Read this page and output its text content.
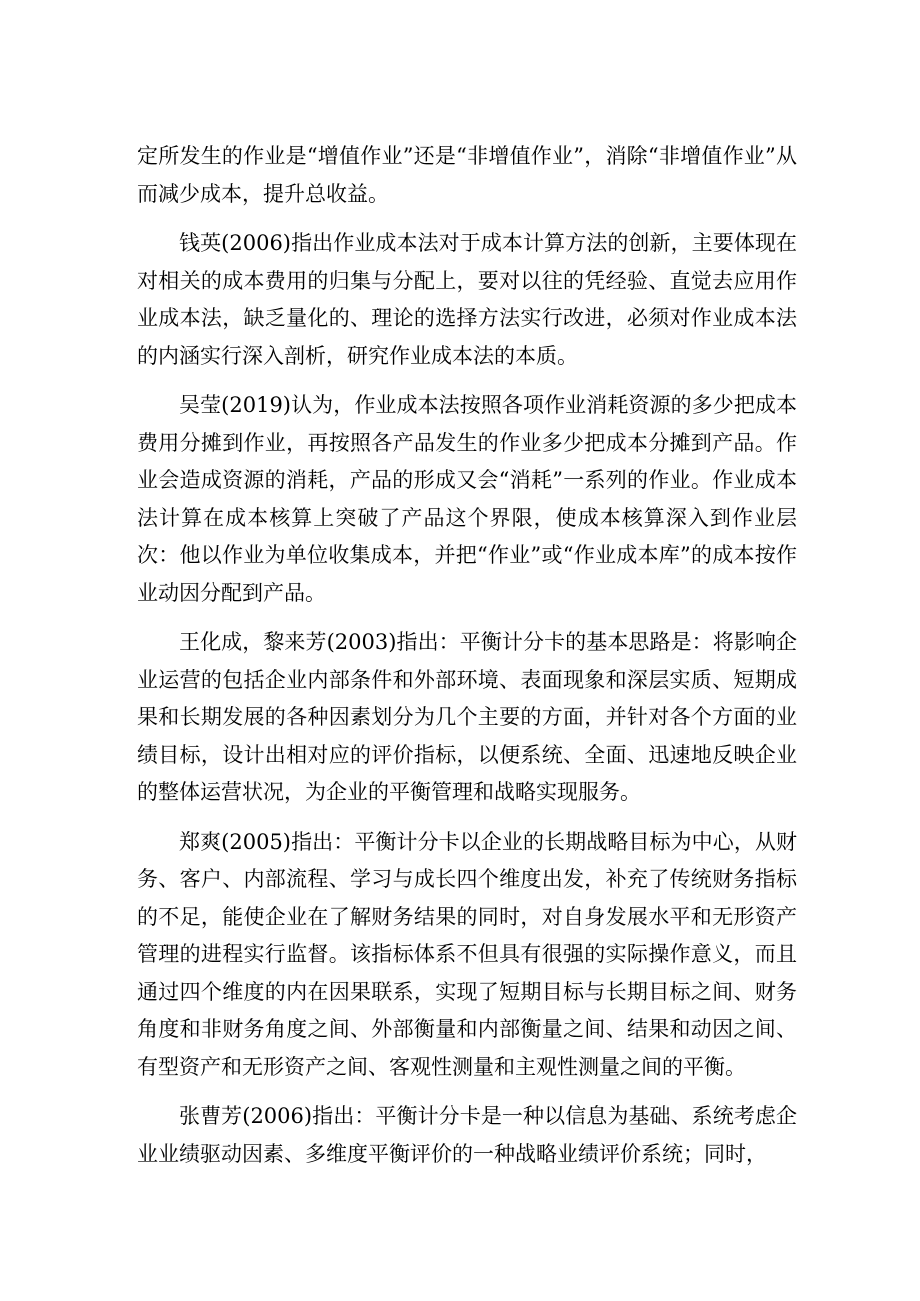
定所发生的作业是“增值作业”还是“非增值作业”，消除“非增值作业”从而减少成本，提升总收益。

钱英(2006)指出作业成本法对于成本计算方法的创新，主要体现在对相关的成本费用的归集与分配上，要对以往的凭经验、直觉去应用作业成本法，缺乏量化的、理论的选择方法实行改进，必须对作业成本法的内涵实行深入剖析，研究作业成本法的本质。

吴莹(2019)认为，作业成本法按照各项作业消耗资源的多少把成本费用分摊到作业，再按照各产品发生的作业多少把成本分摊到产品。作业会造成资源的消耗，产品的形成又会“消耗”一系列的作业。作业成本法计算在成本核算上突破了产品这个界限，使成本核算深入到作业层次：他以作业为单位收集成本，并把“作业”或“作业成本库”的成本按作业动因分配到产品。

王化成，黎来芳(2003)指出：平衡计分卡的基本思路是：将影响企业运营的包括企业内部条件和外部环境、表面现象和深层实质、短期成果和长期发展的各种因素划分为几个主要的方面，并针对各个方面的业绩目标，设计出相对应的评价指标，以便系统、全面、迅速地反映企业的整体运营状况，为企业的平衡管理和战略实现服务。

郑爽(2005)指出：平衡计分卡以企业的长期战略目标为中心，从财务、客户、内部流程、学习与成长四个维度出发，补充了传统财务指标的不足，能使企业在了解财务结果的同时，对自身发展水平和无形资产管理的进程实行监督。该指标体系不但具有很强的实际操作意义，而且通过四个维度的内在因果联系，实现了短期目标与长期目标之间、财务角度和非财务角度之间、外部衡量和内部衡量之间、结果和动因之间、有型资产和无形资产之间、客观性测量和主观性测量之间的平衡。

张曹芳(2006)指出：平衡计分卡是一种以信息为基础、系统考虑企业业绩驱动因素、多维度平衡评价的一种战略业绩评价系统；同时，
